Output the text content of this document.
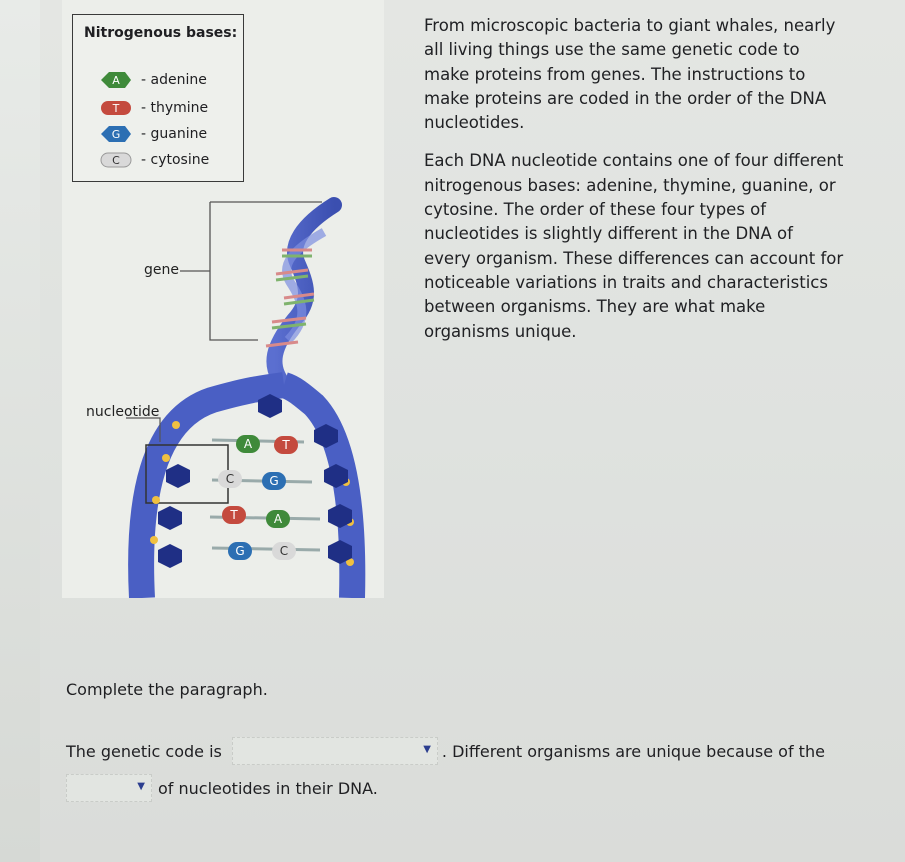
A	T
C	G
T	A
G	C
gene
nucleotide
Nitrogenous bases:
A - adenine
T - thymine
G - guanine
C - cytosine

From microscopic bacteria to giant whales, nearly all living things use the same genetic code to make proteins from genes. The instructions to make proteins are coded in the order of the DNA nucleotides.

Each DNA nucleotide contains one of four different nitrogenous bases: adenine, thymine, guanine, or cytosine. The order of these four types of nucleotides is slightly different in the DNA of every organism. These differences can account for noticeable variations in traits and characteristics between organisms. They are what make organisms unique.

Complete the paragraph.
The genetic code is	▼ . Different organisms are unique because of the
▼ of nucleotides in their DNA.
